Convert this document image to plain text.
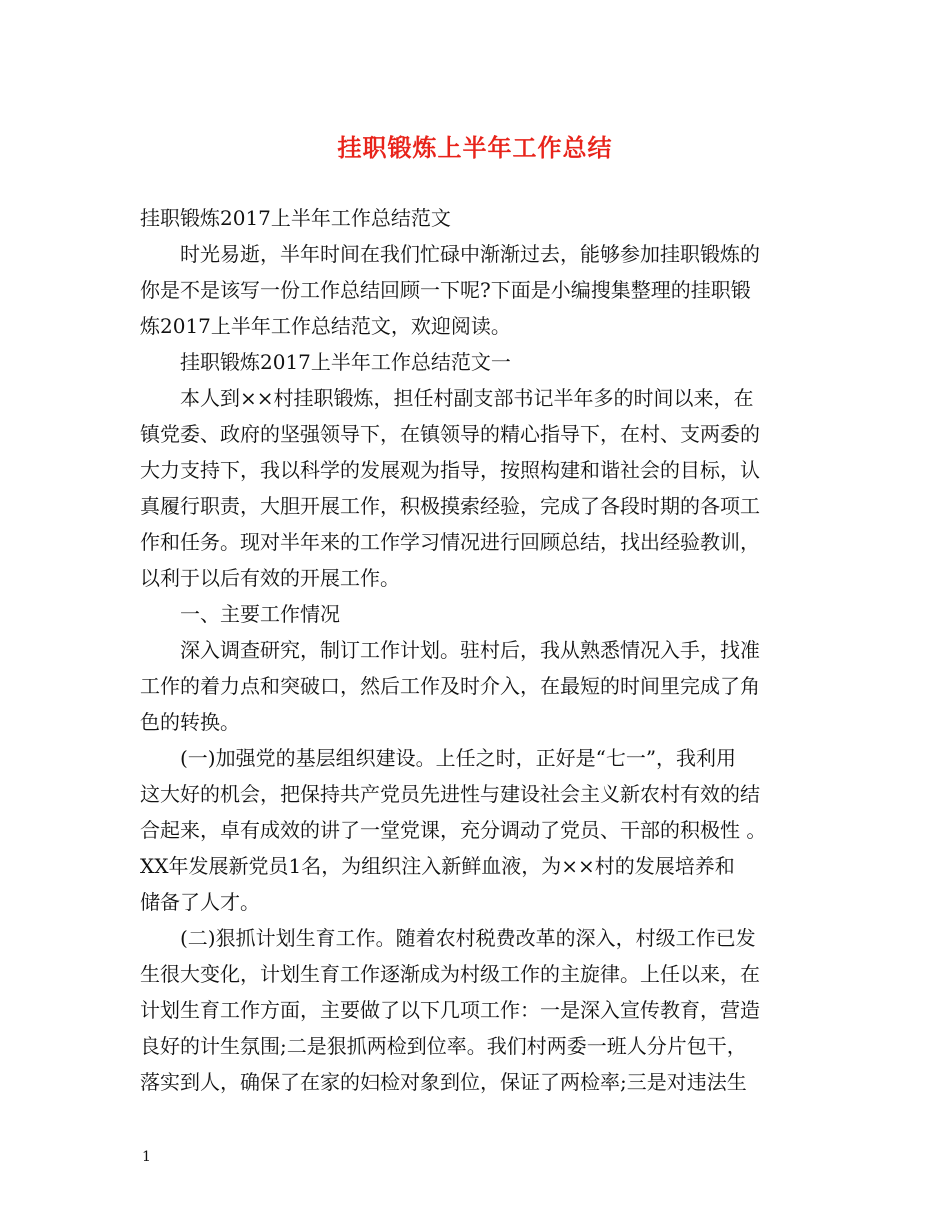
挂职锻炼上半年工作总结
挂职锻炼2017上半年工作总结范文
　　时光易逝，半年时间在我们忙碌中渐渐过去，能够参加挂职锻炼的
你是不是该写一份工作总结回顾一下呢?下面是小编搜集整理的挂职锻
炼2017上半年工作总结范文，欢迎阅读。
　　挂职锻炼2017上半年工作总结范文一
　　本人到××村挂职锻炼，担任村副支部书记半年多的时间以来，在
镇党委、政府的坚强领导下，在镇领导的精心指导下，在村、支两委的
大力支持下，我以科学的发展观为指导，按照构建和谐社会的目标，认
真履行职责，大胆开展工作，积极摸索经验，完成了各段时期的各项工
作和任务。现对半年来的工作学习情况进行回顾总结，找出经验教训，
以利于以后有效的开展工作。
　　一、主要工作情况
　　深入调查研究，制订工作计划。驻村后，我从熟悉情况入手，找准
工作的着力点和突破口，然后工作及时介入，在最短的时间里完成了角
色的转换。
　　(一)加强党的基层组织建设。上任之时，正好是“七一”，我利用
这大好的机会，把保持共产党员先进性与建设社会主义新农村有效的结
合起来，卓有成效的讲了一堂党课，充分调动了党员、干部的积极性 。
XX年发展新党员1名，为组织注入新鲜血液，为××村的发展培养和
储备了人才。
　　(二)狠抓计划生育工作。随着农村税费改革的深入，村级工作已发
生很大变化，计划生育工作逐渐成为村级工作的主旋律。上任以来，在
计划生育工作方面，主要做了以下几项工作：一是深入宣传教育，营造
良好的计生氛围;二是狠抓两检到位率。我们村两委一班人分片包干，
落实到人，确保了在家的妇检对象到位，保证了两检率;三是对违法生
1
